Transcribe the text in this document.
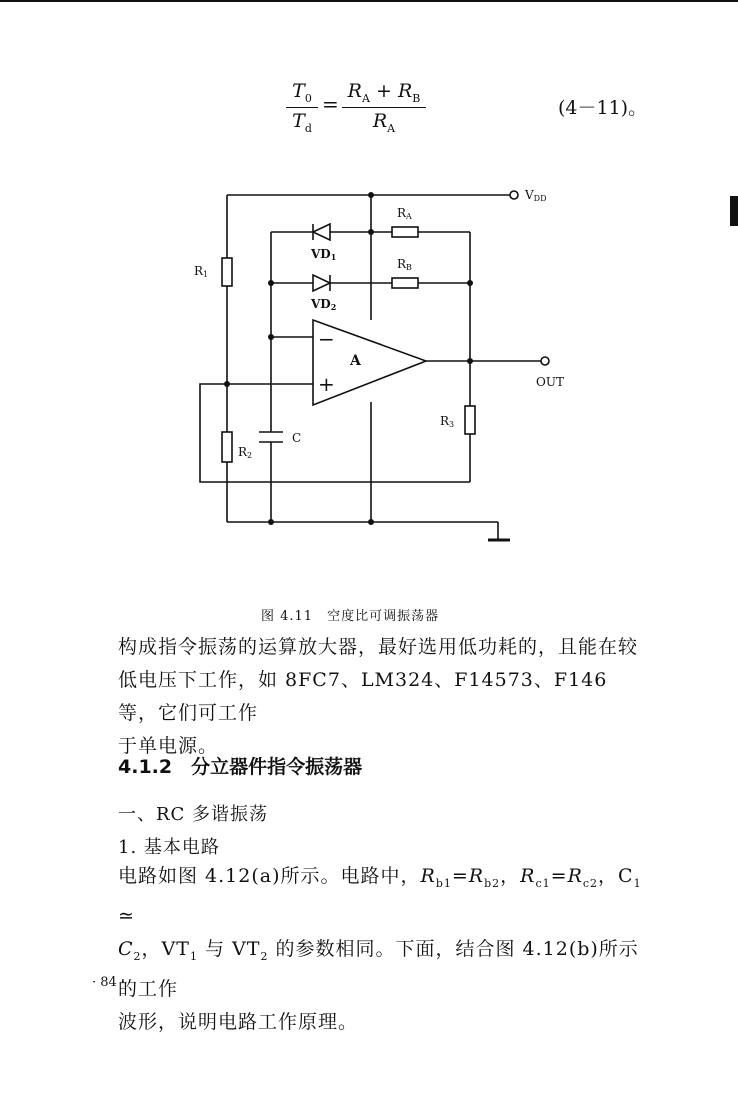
$T_0$
$T_d$
=
$R_A + R_B$
$R_A$
(4－11)。
VDD
RA
RB
VD1
VD2
R1
R2
R3
C
A
−
+	OUT
图 4.11　空度比可调振荡器

构成指令振荡的运算放大器，最好选用低功耗的，且能在较

低电压下工作，如 8FC7、LM324、F14573、F146 等，它们可工作

于单电源。

4.1.2　分立器件指令振荡器
一、RC 多谐振荡
1. 基本电路

电路如图 4.12(a)所示。电路中，$R_{b1}=R_{b2}$，$R_{c1}=R_{c2}$，$C_1$ ≃

$C_2$，$VT_1$ 与 $VT_2$ 的参数相同。下面，结合图 4.12(b)所示的工作

波形，说明电路工作原理。

· 84 ·
